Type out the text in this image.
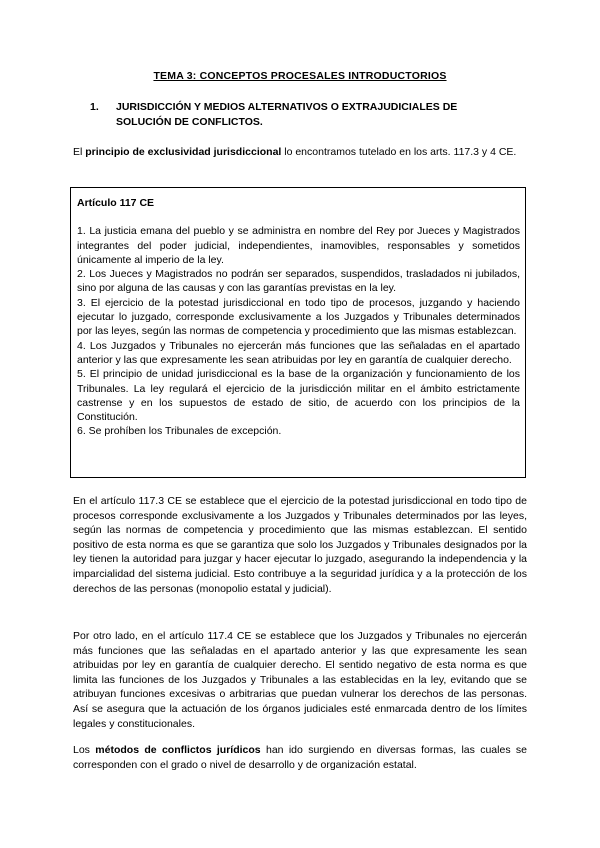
TEMA 3: CONCEPTOS PROCESALES INTRODUCTORIOS
1. JURISDICCIÓN Y MEDIOS ALTERNATIVOS O EXTRAJUDICIALES DE SOLUCIÓN DE CONFLICTOS.
El principio de exclusividad jurisdiccional lo encontramos tutelado en los arts. 117.3 y 4 CE.
Artículo 117 CE
1. La justicia emana del pueblo y se administra en nombre del Rey por Jueces y Magistrados integrantes del poder judicial, independientes, inamovibles, responsables y sometidos únicamente al imperio de la ley.
2. Los Jueces y Magistrados no podrán ser separados, suspendidos, trasladados ni jubilados, sino por alguna de las causas y con las garantías previstas en la ley.
3. El ejercicio de la potestad jurisdiccional en todo tipo de procesos, juzgando y haciendo ejecutar lo juzgado, corresponde exclusivamente a los Juzgados y Tribunales determinados por las leyes, según las normas de competencia y procedimiento que las mismas establezcan.
4. Los Juzgados y Tribunales no ejercerán más funciones que las señaladas en el apartado anterior y las que expresamente les sean atribuidas por ley en garantía de cualquier derecho.
5. El principio de unidad jurisdiccional es la base de la organización y funcionamiento de los Tribunales. La ley regulará el ejercicio de la jurisdicción militar en el ámbito estrictamente castrense y en los supuestos de estado de sitio, de acuerdo con los principios de la Constitución.
6. Se prohíben los Tribunales de excepción.
En el artículo 117.3 CE se establece que el ejercicio de la potestad jurisdiccional en todo tipo de procesos corresponde exclusivamente a los Juzgados y Tribunales determinados por las leyes, según las normas de competencia y procedimiento que las mismas establezcan. El sentido positivo de esta norma es que se garantiza que solo los Juzgados y Tribunales designados por la ley tienen la autoridad para juzgar y hacer ejecutar lo juzgado, asegurando la independencia y la imparcialidad del sistema judicial. Esto contribuye a la seguridad jurídica y a la protección de los derechos de las personas (monopolio estatal y judicial).
Por otro lado, en el artículo 117.4 CE se establece que los Juzgados y Tribunales no ejercerán más funciones que las señaladas en el apartado anterior y las que expresamente les sean atribuidas por ley en garantía de cualquier derecho. El sentido negativo de esta norma es que limita las funciones de los Juzgados y Tribunales a las establecidas en la ley, evitando que se atribuyan funciones excesivas o arbitrarias que puedan vulnerar los derechos de las personas. Así se asegura que la actuación de los órganos judiciales esté enmarcada dentro de los límites legales y constitucionales.
Los métodos de conflictos jurídicos han ido surgiendo en diversas formas, las cuales se corresponden con el grado o nivel de desarrollo y de organización estatal.
